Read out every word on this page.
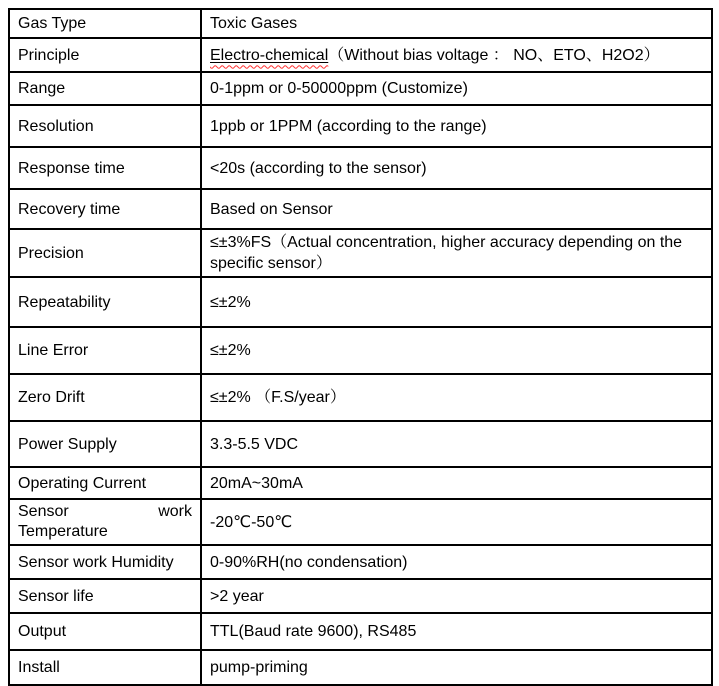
Gas Type	Toxic Gases
Principle	Electro-chemical（Without bias voltage ： NO、ETO、H2O2）
Range	0-1ppm or 0-50000ppm (Customize)
Resolution	1ppb or 1PPM (according to the range)
Response time	<20s (according to the sensor)
Recovery time	Based on Sensor
Precision	≤±3%FS（Actual concentration, higher accuracy depending on the specific sensor）
Repeatability	≤±2%
Line Error	≤±2%
Zero Drift	≤±2% （F.S/year）
Power Supply	3.3-5.5 VDC
Operating Current	20mA~30mA

Sensor work
Temperature	-20℃-50℃
Sensor work Humidity	0-90%RH(no condensation)
Sensor life	>2 year
Output	TTL(Baud rate 9600), RS485
Install	pump-priming
